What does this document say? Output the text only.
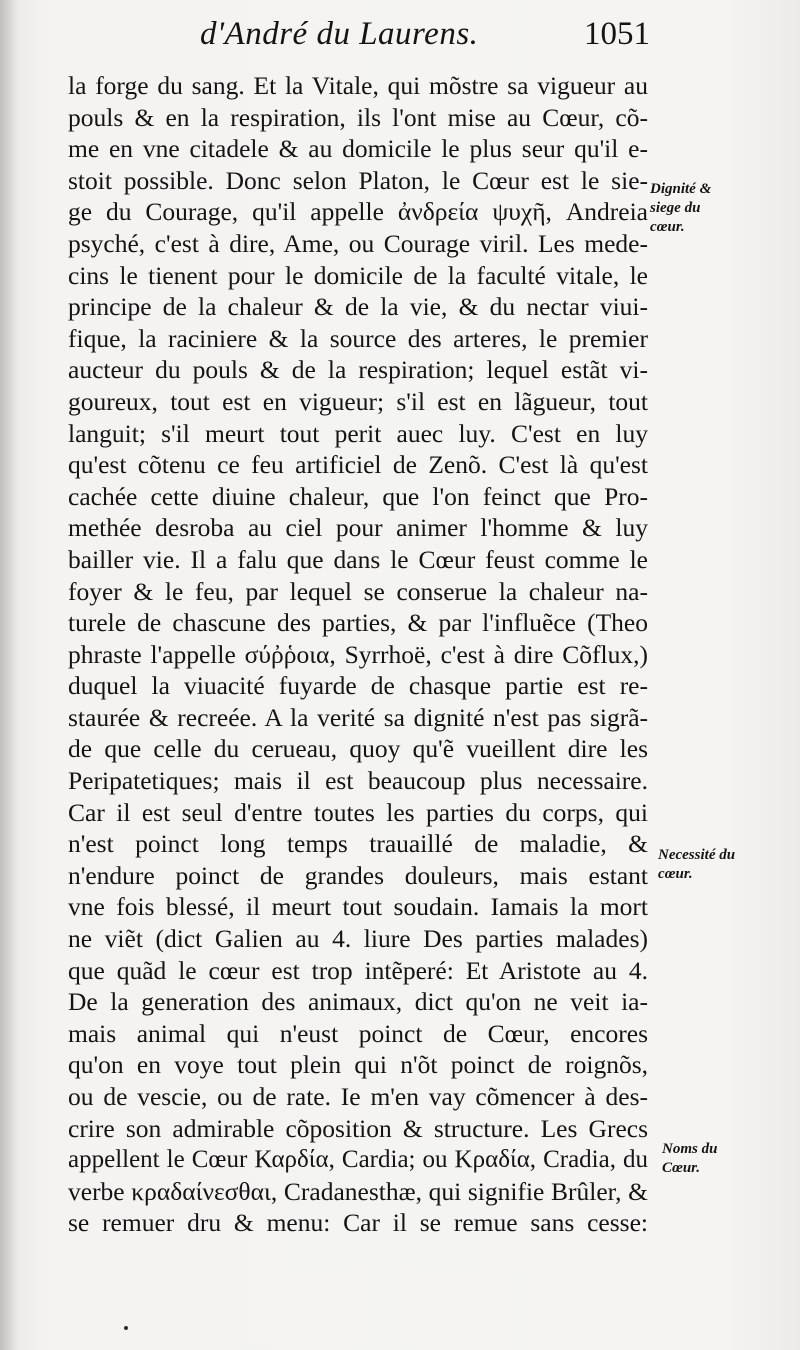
d'André du Laurens.	1051
la forge du sang. Et la Vitale, qui mõstre sa vigueur au
pouls & en la respiration, ils l'ont mise au Cœur, cõ-
me en vne citadele & au domicile le plus seur qu'il e-
stoit possible. Donc selon Platon, le Cœur est le sie-
ge du Courage, qu'il appelle ἀνδρεία ψυχῆ, Andreia
psyché, c'est à dire, Ame, ou Courage viril. Les mede-
cins le tienent pour le domicile de la faculté vitale, le
principe de la chaleur & de la vie, & du nectar viui-
fique, la raciniere & la source des arteres, le premier
aucteur du pouls & de la respiration; lequel estãt vi-
goureux, tout est en vigueur; s'il est en lãgueur, tout
languit; s'il meurt tout perit auec luy. C'est en luy
qu'est cõtenu ce feu artificiel de Zenõ. C'est là qu'est
cachée cette diuine chaleur, que l'on feinct que Pro-
methée desroba au ciel pour animer l'homme & luy
bailler vie. Il a falu que dans le Cœur feust comme le
foyer & le feu, par lequel se conserue la chaleur na-
turele de chascune des parties, & par l'influẽce (Theo
phraste l'appelle σύῤῥοια, Syrrhoë, c'est à dire Cõflux,)
duquel la viuacité fuyarde de chasque partie est re-
staurée & recreée. A la verité sa dignité n'est pas sigrã-
de que celle du cerueau, quoy qu'ẽ vueillent dire les
Peripatetiques; mais il est beaucoup plus necessaire.
Car il est seul d'entre toutes les parties du corps, qui
n'est poinct long temps trauaillé de maladie, &
n'endure poinct de grandes douleurs, mais estant
vne fois blessé, il meurt tout soudain. Iamais la mort
ne viẽt (dict Galien au 4. liure Des parties malades)
que quãd le cœur est trop intẽperé: Et Aristote au 4.
De la generation des animaux, dict qu'on ne veit ia-
mais animal qui n'eust poinct de Cœur, encores
qu'on en voye tout plein qui n'õt poinct de roignõs,
ou de vescie, ou de rate. Ie m'en vay cõmencer à des-
crire son admirable cõposition & structure. Les Grecs
appellent le Cœur Καρδία, Cardia; ou Κραδία, Cradia, du
verbe κραδαίνεσθαι, Cradanesthæ, qui signifie Brûler, &
se remuer dru & menu: Car il se remue sans cesse:
Dignité &
siege du
cœur.
Necessité du
cœur.
Noms du
Cœur.
